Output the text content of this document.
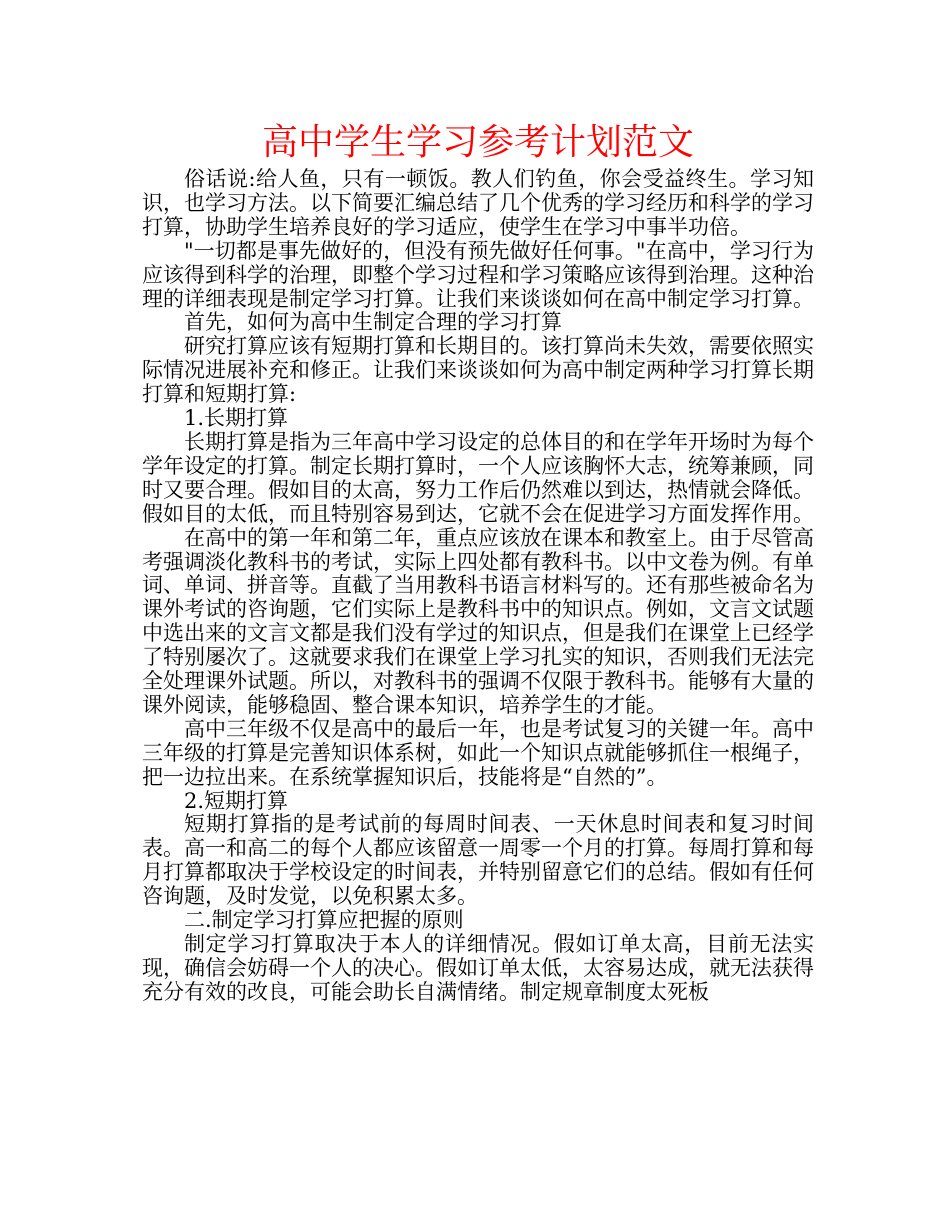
高中学生学习参考计划范文

俗话说:给人鱼，只有一顿饭。教人们钓鱼，你会受益终生。学习知识，也学习方法。以下简要汇编总结了几个优秀的学习经历和科学的学习打算，协助学生培养良好的学习适应，使学生在学习中事半功倍。

"一切都是事先做好的，但没有预先做好任何事。"在高中，学习行为应该得到科学的治理，即整个学习过程和学习策略应该得到治理。这种治理的详细表现是制定学习打算。让我们来谈谈如何在高中制定学习打算。

首先，如何为高中生制定合理的学习打算

研究打算应该有短期打算和长期目的。该打算尚未失效，需要依照实际情况进展补充和修正。让我们来谈谈如何为高中制定两种学习打算长期打算和短期打算:

1.长期打算

长期打算是指为三年高中学习设定的总体目的和在学年开场时为每个学年设定的打算。制定长期打算时，一个人应该胸怀大志，统筹兼顾，同时又要合理。假如目的太高，努力工作后仍然难以到达，热情就会降低。假如目的太低，而且特别容易到达，它就不会在促进学习方面发挥作用。

在高中的第一年和第二年，重点应该放在课本和教室上。由于尽管高考强调淡化教科书的考试，实际上四处都有教科书。以中文卷为例。有单词、单词、拼音等。直截了当用教科书语言材料写的。还有那些被命名为课外考试的咨询题，它们实际上是教科书中的知识点。例如，文言文试题中选出来的文言文都是我们没有学过的知识点，但是我们在课堂上已经学了特别屡次了。这就要求我们在课堂上学习扎实的知识，否则我们无法完全处理课外试题。所以，对教科书的强调不仅限于教科书。能够有大量的课外阅读，能够稳固、整合课本知识，培养学生的才能。

高中三年级不仅是高中的最后一年，也是考试复习的关键一年。高中三年级的打算是完善知识体系树，如此一个知识点就能够抓住一根绳子，把一边拉出来。在系统掌握知识后，技能将是“自然的”。

2.短期打算

短期打算指的是考试前的每周时间表、一天休息时间表和复习时间表。高一和高二的每个人都应该留意一周零一个月的打算。每周打算和每月打算都取决于学校设定的时间表，并特别留意它们的总结。假如有任何咨询题，及时发觉，以免积累太多。

二.制定学习打算应把握的原则

制定学习打算取决于本人的详细情况。假如订单太高，目前无法实现，确信会妨碍一个人的决心。假如订单太低，太容易达成，就无法获得充分有效的改良，可能会助长自满情绪。制定规章制度太死板
